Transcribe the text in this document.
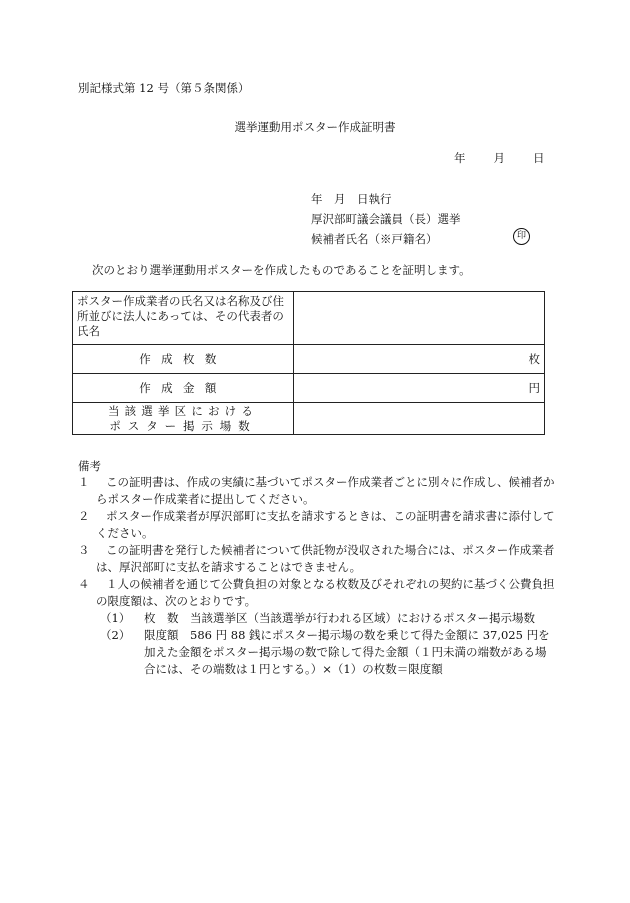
別記様式第 12 号（第５条関係）
選挙運動用ポスター作成証明書
年 月 日
年　月　日執行
厚沢部町議会議員（長）選挙
候補者氏名（※戸籍名）	印
次のとおり選挙運動用ポスターを作成したものであることを証明します。
ポスター作成業者の氏名又は名称及び住所並びに法人にあっては、その代表者の氏名	
作成枚数	枚
作成金額	円

当該選挙区における
ポスター掲示場数	

備考

１ この証明書は、作成の実績に基づいてポスター作成業者ごとに別々に作成し、候補者からポスター作成業者に提出してください。

２ ポスター作成業者が厚沢部町に支払を請求するときは、この証明書を請求書に添付してください。

３ この証明書を発行した候補者について供託物が没収された場合には、ポスター作成業者は、厚沢部町に支払を請求することはできません。

４ １人の候補者を通じて公費負担の対象となる枚数及びそれぞれの契約に基づく公費負担の限度額は、次のとおりです。

（1） 枚　数　当該選挙区（当該選挙が行われる区域）におけるポスター掲示場数

（2） 限度額　586 円 88 銭にポスター掲示場の数を乗じて得た金額に 37,025 円を加えた金額をポスター掲示場の数で除して得た金額（１円未満の端数がある場合には、その端数は１円とする。）×（1）の枚数＝限度額
